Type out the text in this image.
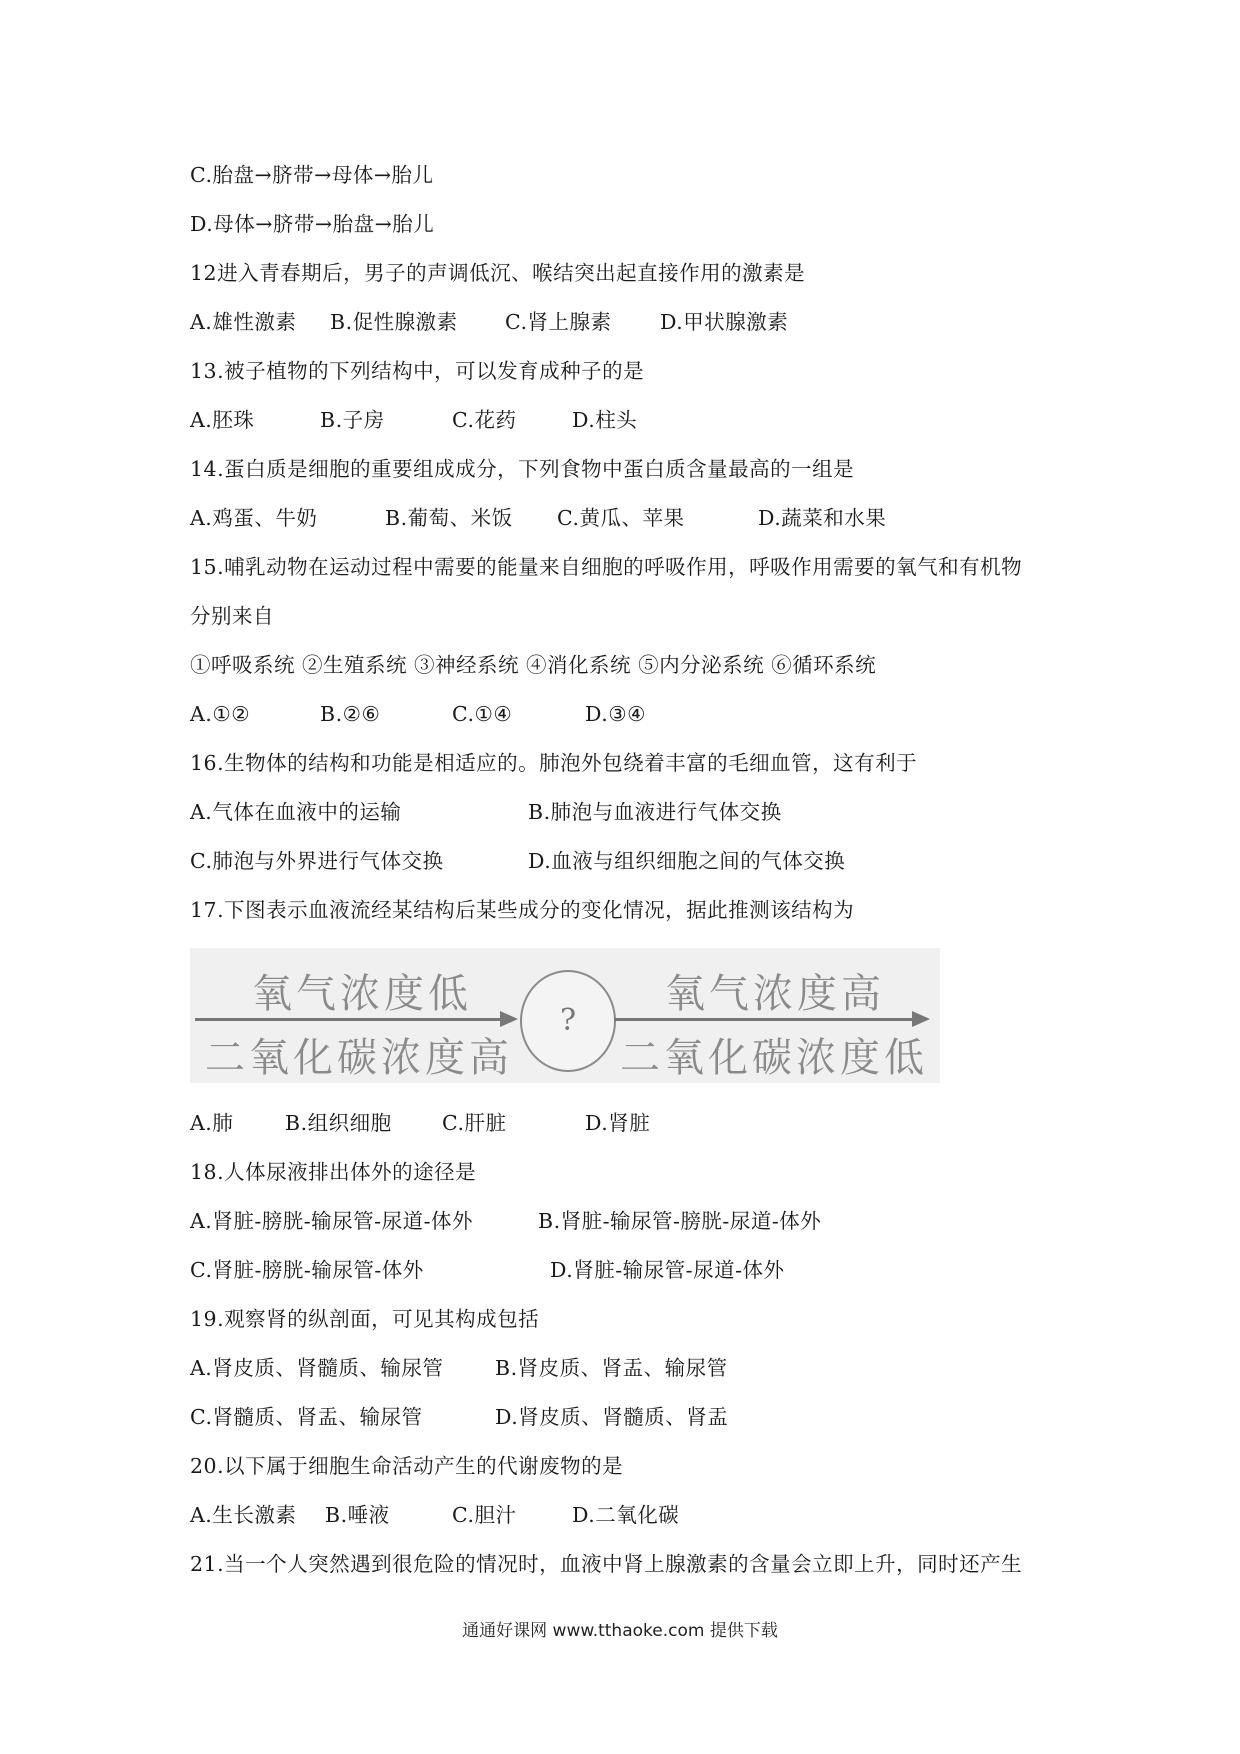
C.胎盘→脐带→母体→胎儿
D.母体→脐带→胎盘→胎儿
12进入青春期后，男子的声调低沉、喉结突出起直接作用的激素是
A.雄性激素 B.促性腺激素 C.肾上腺素 D.甲状腺激素
13.被子植物的下列结构中，可以发育成种子的是
A.胚珠	B.子房	C.花药	D.柱头
14.蛋白质是细胞的重要组成成分，下列食物中蛋白质含量最高的一组是
A.鸡蛋、牛奶	B.葡萄、米饭 C.黄瓜、苹果	D.蔬菜和水果
15.哺乳动物在运动过程中需要的能量来自细胞的呼吸作用，呼吸作用需要的氧气和有机物
分别来自
①呼吸系统 ②生殖系统 ③神经系统 ④消化系统 ⑤内分泌系统 ⑥循环系统
A.①②	B.②⑥	C.①④	D.③④
16.生物体的结构和功能是相适应的。肺泡外包绕着丰富的毛细血管，这有利于
A.气体在血液中的运输	B.肺泡与血液进行气体交换
C.肺泡与外界进行气体交换	D.血液与组织细胞之间的气体交换
17.下图表示血液流经某结构后某些成分的变化情况，据此推测该结构为
氧气浓度低
二氧化碳浓度高
?
氧气浓度高
二氧化碳浓度低
A.肺	B.组织细胞 C.肝脏	D.肾脏
18.人体尿液排出体外的途径是
A.肾脏-膀胱-输尿管-尿道-体外	B.肾脏-输尿管-膀胱-尿道-体外
C.肾脏-膀胱-输尿管-体外	D.肾脏-输尿管-尿道-体外
19.观察肾的纵剖面，可见其构成包括
A.肾皮质、肾髓质、输尿管	B.肾皮质、肾盂、输尿管
C.肾髓质、肾盂、输尿管	D.肾皮质、肾髓质、肾盂
20.以下属于细胞生命活动产生的代谢废物的是
A.生长激素 B.唾液	C.胆汁	D.二氧化碳
21.当一个人突然遇到很危险的情况时，血液中肾上腺激素的含量会立即上升，同时还产生
通通好课网 www.tthaoke.com 提供下载
